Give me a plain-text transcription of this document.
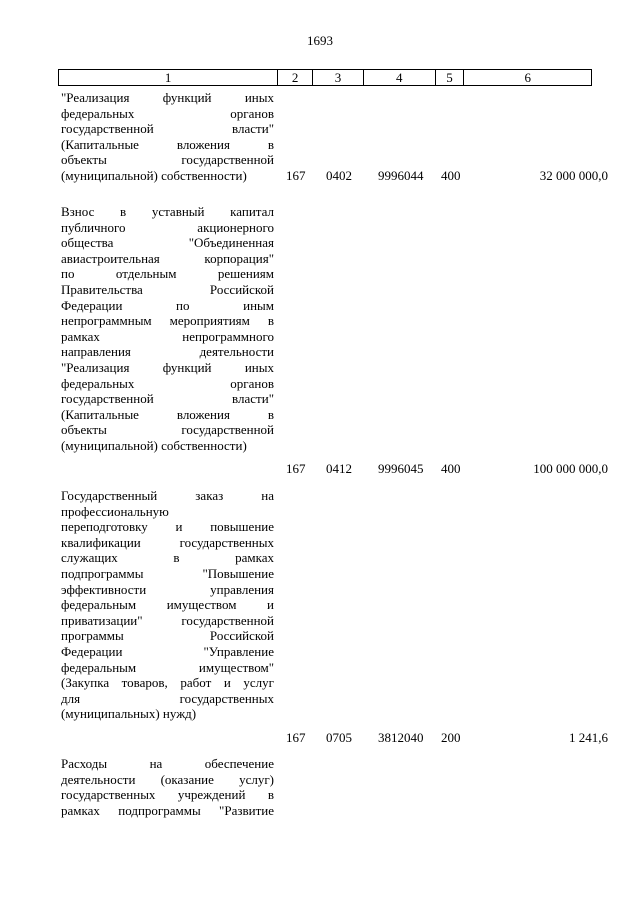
1693
1	2	3	4	5	6
"Реализация функций иных
федеральных органов
государственной власти"
(Капитальные вложения в
объекты государственной
(муниципальной) собственности)	167 0402 9996044 400	32 000 000,0
Взнос в уставный капитал
публичного акционерного
общества "Объединенная
авиастроительная корпорация"
по отдельным решениям
Правительства Российской
Федерации по иным
непрограммным мероприятиям в
рамках непрограммного
направления деятельности
"Реализация функций иных
федеральных органов
государственной власти"
(Капитальные вложения в
объекты государственной
(муниципальной) собственности)
167 0412 9996045 400	100 000 000,0
Государственный заказ на
профессиональную
переподготовку и повышение
квалификации государственных
служащих в рамках
подпрограммы "Повышение
эффективности управления
федеральным имуществом и
приватизации" государственной
программы Российской
Федерации "Управление
федеральным имуществом"
(Закупка товаров, работ и услуг
для государственных
(муниципальных) нужд)
167 0705 3812040 200	1 241,6
Расходы на обеспечение
деятельности (оказание услуг)
государственных учреждений в
рамках подпрограммы "Развитие
